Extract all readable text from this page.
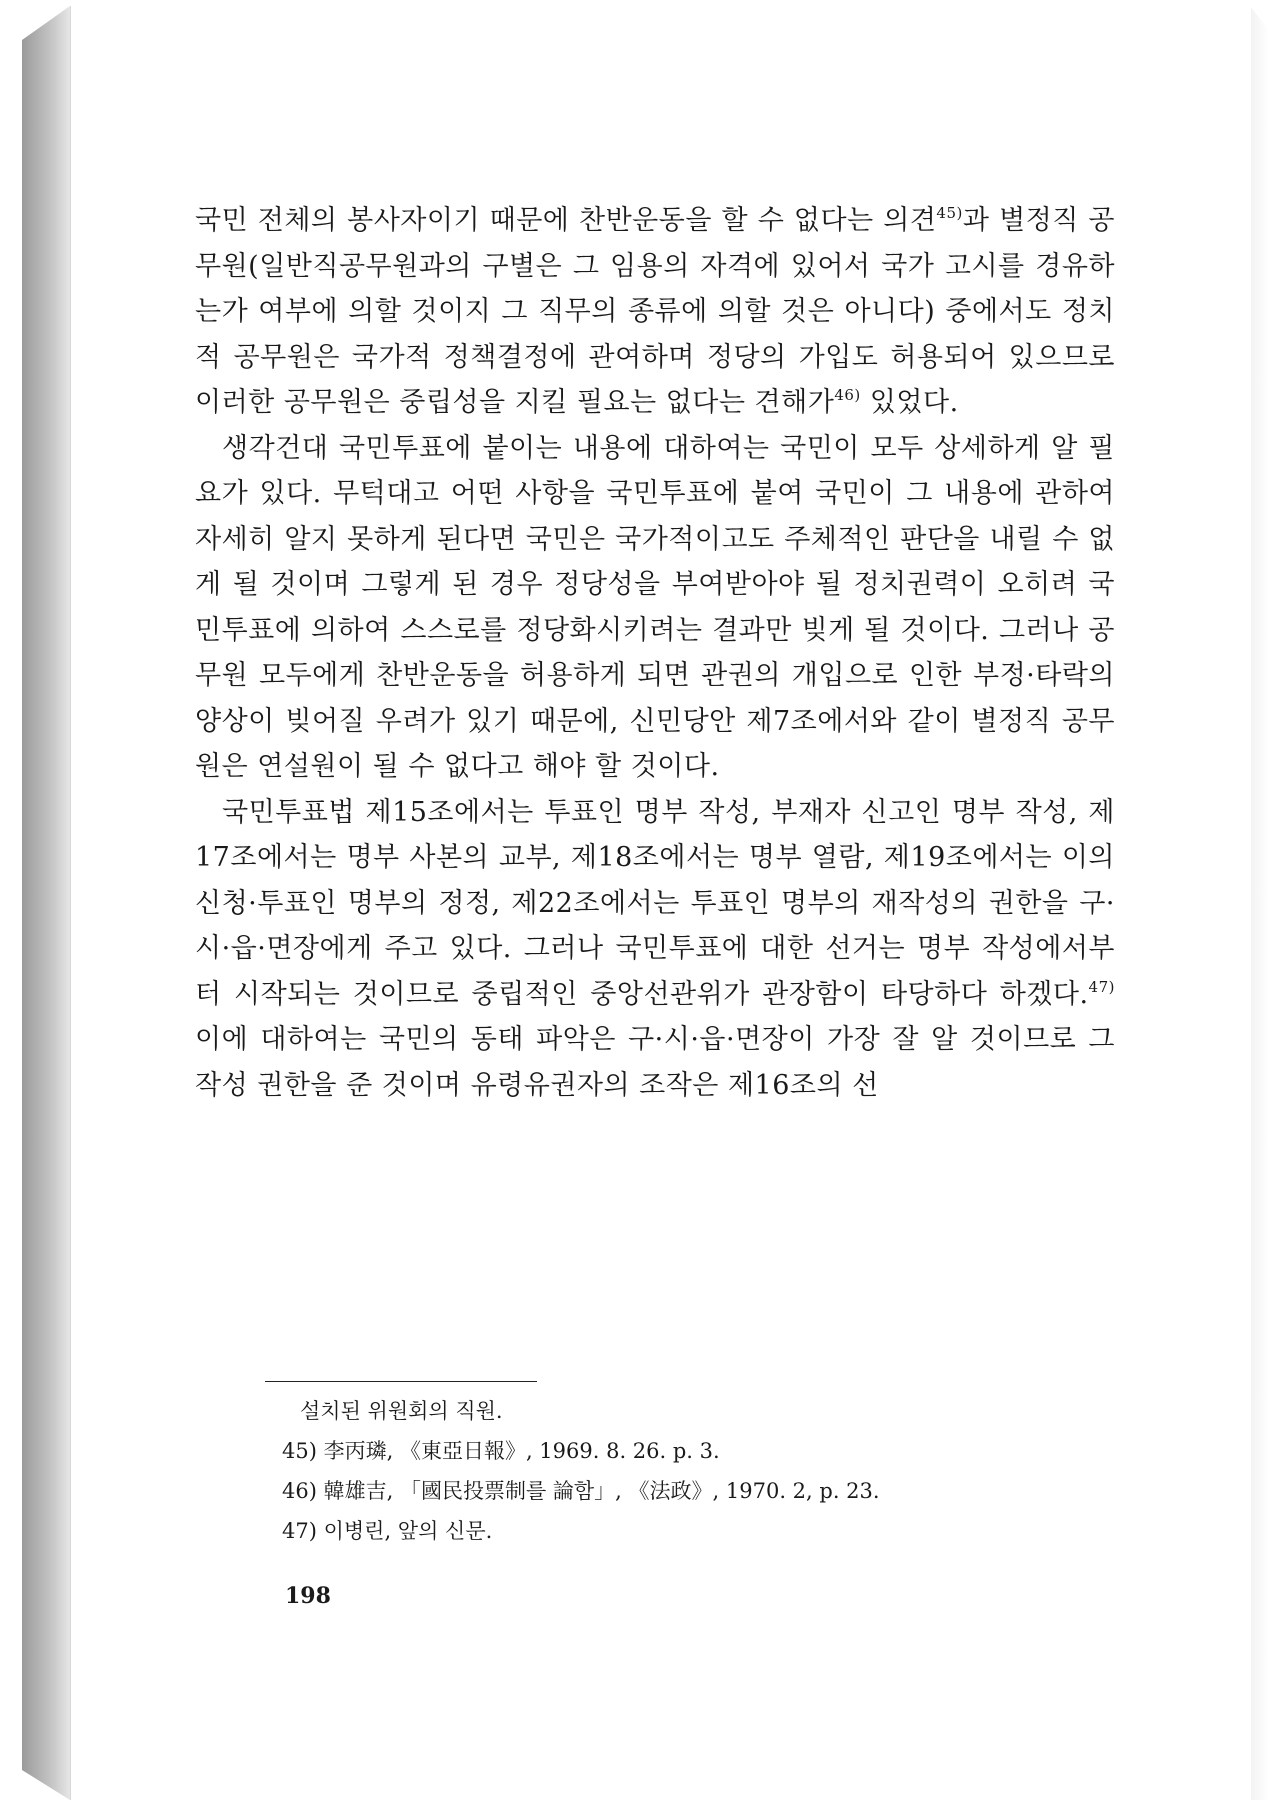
국민 전체의 봉사자이기 때문에 찬반운동을 할 수 없다는 의견$^{45)}$과 별정직 공무원(일반직공무원과의 구별은 그 임용의 자격에 있어서 국가 고시를 경유하는가 여부에 의할 것이지 그 직무의 종류에 의할 것은 아니다) 중에서도 정치적 공무원은 국가적 정책결정에 관여하며 정당의 가입도 허용되어 있으므로 이러한 공무원은 중립성을 지킬 필요는 없다는 견해가$^{46)}$ 있었다.

생각건대 국민투표에 붙이는 내용에 대하여는 국민이 모두 상세하게 알 필요가 있다. 무턱대고 어떤 사항을 국민투표에 붙여 국민이 그 내용에 관하여 자세히 알지 못하게 된다면 국민은 국가적이고도 주체적인 판단을 내릴 수 없게 될 것이며 그렇게 된 경우 정당성을 부여받아야 될 정치권력이 오히려 국민투표에 의하여 스스로를 정당화시키려는 결과만 빚게 될 것이다. 그러나 공무원 모두에게 찬반운동을 허용하게 되면 관권의 개입으로 인한 부정·타락의 양상이 빚어질 우려가 있기 때문에, 신민당안 제7조에서와 같이 별정직 공무원은 연설원이 될 수 없다고 해야 할 것이다.

국민투표법 제15조에서는 투표인 명부 작성, 부재자 신고인 명부 작성, 제17조에서는 명부 사본의 교부, 제18조에서는 명부 열람, 제19조에서는 이의 신청·투표인 명부의 정정, 제22조에서는 투표인 명부의 재작성의 권한을 구·시·읍·면장에게 주고 있다. 그러나 국민투표에 대한 선거는 명부 작성에서부터 시작되는 것이므로 중립적인 중앙선관위가 관장함이 타당하다 하겠다.$^{47)}$ 이에 대하여는 국민의 동태 파악은 구·시·읍·면장이 가장 잘 알 것이므로 그 작성 권한을 준 것이며 유령유권자의 조작은 제16조의 선

설치된 위원회의 직원.
45) 李丙璘, 《東亞日報》, 1969. 8. 26. p. 3.
46) 韓雄吉, 「國民投票制를 論함」, 《法政》, 1970. 2, p. 23.
47) 이병린, 앞의 신문.
198
